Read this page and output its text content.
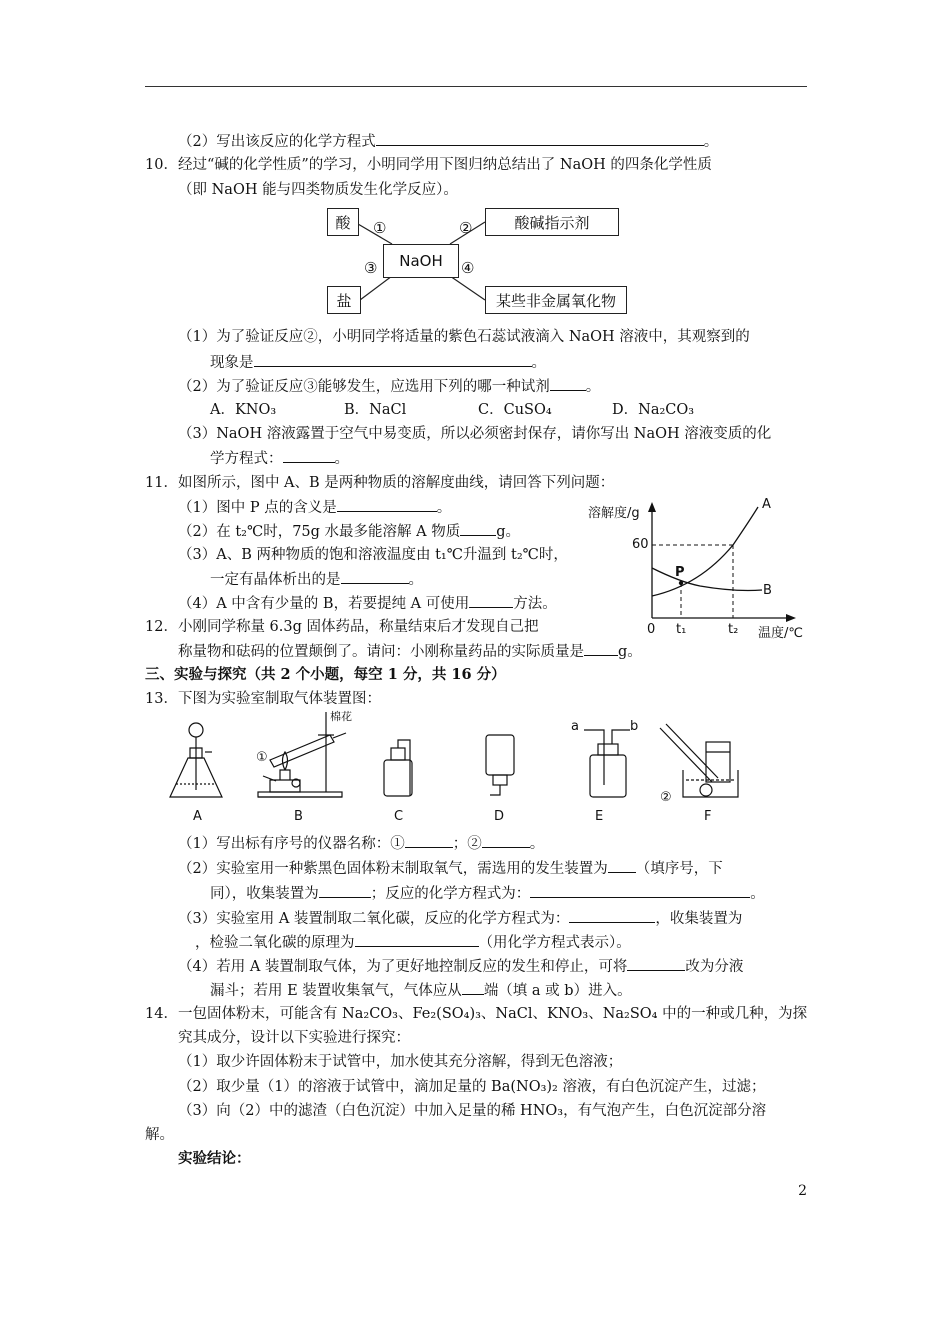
（2）写出该反应的化学方程式	。
10．经过“碱的化学性质”的学习，小明同学用下图归纳总结出了 NaOH 的四条化学性质
（即 NaOH 能与四类物质发生化学反应）。
酸	酸碱指示剂
NaOH
盐	某些非金属氧化物
①	②
③	④
（1）为了验证反应②，小明同学将适量的紫色石蕊试液滴入 NaOH 溶液中，其观察到的
现象是	。
（2）为了验证反应③能够发生，应选用下列的哪一种试剂 。
A．KNO₃	B．NaCl	C．CuSO₄	D．Na₂CO₃
（3）NaOH 溶液露置于空气中易变质，所以必须密封保存，请你写出 NaOH 溶液变质的化
学方程式：	。
11．如图所示，图中 A、B 是两种物质的溶解度曲线，请回答下列问题：
（1）图中 P 点的含义是	。
（2）在 t₂℃时，75g 水最多能溶解 A 物质 g。
（3）A、B 两种物质的饱和溶液温度由 t₁℃升温到 t₂℃时，
一定有晶体析出的是	。
（4）A 中含有少量的 B，若要提纯 A 可使用	方法。
溶解度/g
60
A
B
P
0 t₁	t₂ 温度/℃
12．小刚同学称量 6.3g 固体药品，称量结束后才发现自己把
称量物和砝码的位置颠倒了。请问：小刚称量药品的实际质量是 g。
三、实验与探究（共 2 个小题，每空 1 分，共 16 分）
13．下图为实验室制取气体装置图：
棉花
①
②
a	b
A	B	C	D	E	F
（1）写出标有序号的仪器名称：①	；②	。
（2）实验室用一种紫黑色固体粉末制取氧气，需选用的发生装置为 （填序号，下
同），收集装置为	；反应的化学方程式为：	。
（3）实验室用 A 装置制取二氧化碳，反应的化学方程式为：	，收集装置为
，检验二氧化碳的原理为	（用化学方程式表示）。
（4）若用 A 装置制取气体，为了更好地控制反应的发生和停止，可将	改为分液
漏斗；若用 E 装置收集氧气，气体应从 端（填 a 或 b）进入。
14．一包固体粉末，可能含有 Na₂CO₃、Fe₂(SO₄)₃、NaCl、KNO₃、Na₂SO₄ 中的一种或几种，为探
究其成分，设计以下实验进行探究：
（1）取少许固体粉末于试管中，加水使其充分溶解，得到无色溶液；
（2）取少量（1）的溶液于试管中，滴加足量的 Ba(NO₃)₂ 溶液，有白色沉淀产生，过滤；
（3）向（2）中的滤渣（白色沉淀）中加入足量的稀 HNO₃，有气泡产生，白色沉淀部分溶
解。
实验结论：
2
